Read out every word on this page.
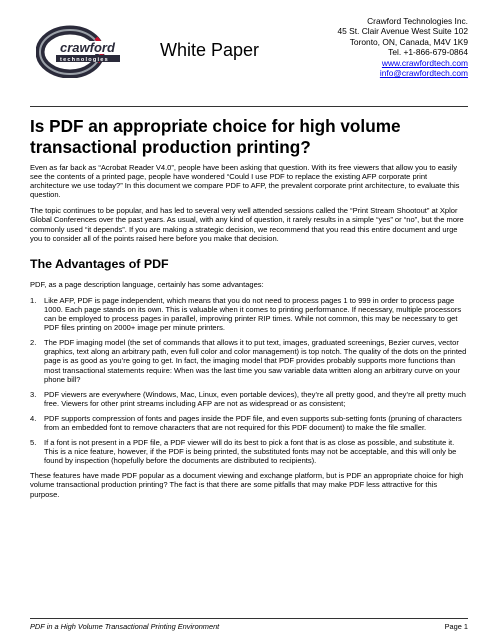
crawford
technologies	White Paper
Crawford Technologies Inc.
45 St. Clair Avenue West Suite 102
Toronto, ON, Canada, M4V 1K9
Tel. +1-866-679-0864
www.crawfordtech.com
info@crawfordtech.com
Is PDF an appropriate choice for high volume transactional production printing?

Even as far back as “Acrobat Reader V4.0”, people have been asking that question. With its free viewers that allow you to easily see the contents of a printed page, people have wondered “Could I use PDF to replace the existing AFP corporate print architecture we use today?” In this document we compare PDF to AFP, the prevalent corporate print architecture, to evaluate this question.

The topic continues to be popular, and has led to several very well attended sessions called the “Print Stream Shootout” at Xplor Global Conferences over the past years. As usual, with any kind of question, it rarely results in a simple “yes” or “no”, but the more commonly used “it depends”. If you are making a strategic decision, we recommend that you read this entire document and urge you to consider all of the points raised here before you make that decision.

The Advantages of PDF

PDF, as a page description language, certainly has some advantages:

1. Like AFP, PDF is page independent, which means that you do not need to process pages 1 to 999 in order to process page 1000. Each page stands on its own. This is valuable when it comes to printing performance. If necessary, multiple processors can be employed to process pages in parallel, improving printer RIP times. While not common, this may be necessary to get PDF files printing on 2000+ image per minute printers.
2. The PDF imaging model (the set of commands that allows it to put text, images, graduated screenings, Bezier curves, vector graphics, text along an arbitrary path, even full color and color management) is top notch. The quality of the dots on the printed page is as good as you’re going to get. In fact, the imaging model that PDF provides probably supports more functions than most transactional statements require: When was the last time you saw variable data written along an arbitrary curve on your phone bill?
3. PDF viewers are everywhere (Windows, Mac, Linux, even portable devices), they’re all pretty good, and they’re all pretty much free. Viewers for other print streams including AFP are not as widespread or as consistent;
4. PDF supports compression of fonts and pages inside the PDF file, and even supports sub-setting fonts (pruning of characters from an embedded font to remove characters that are not required for this PDF document) to make the file smaller.
5. If a font is not present in a PDF file, a PDF viewer will do its best to pick a font that is as close as possible, and substitute it. This is a nice feature, however, if the PDF is being printed, the substituted fonts may not be acceptable, and this will only be found by inspection (hopefully before the documents are distributed to recipients).

These features have made PDF popular as a document viewing and exchange platform, but is PDF an appropriate choice for high volume transactional production printing? The fact is that there are some pitfalls that may make PDF less attractive for this purpose.

PDF in a High Volume Transactional Printing Environment	Page 1
